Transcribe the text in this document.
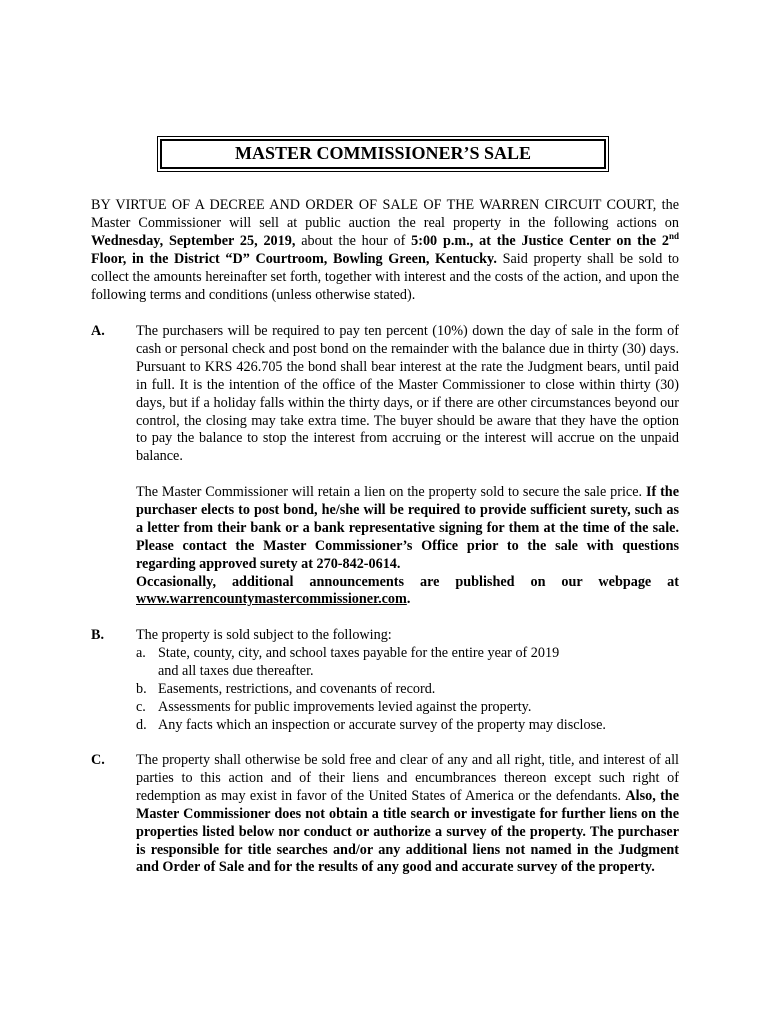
MASTER COMMISSIONER’S SALE
BY VIRTUE OF A DECREE AND ORDER OF SALE OF THE WARREN CIRCUIT COURT, the Master Commissioner will sell at public auction the real property in the following actions on Wednesday, September 25, 2019, about the hour of 5:00 p.m., at the Justice Center on the 2nd Floor, in the District “D” Courtroom, Bowling Green, Kentucky. Said property shall be sold to collect the amounts hereinafter set forth, together with interest and the costs of the action, and upon the following terms and conditions (unless otherwise stated).
A. The purchasers will be required to pay ten percent (10%) down the day of sale in the form of cash or personal check and post bond on the remainder with the balance due in thirty (30) days. Pursuant to KRS 426.705 the bond shall bear interest at the rate the Judgment bears, until paid in full. It is the intention of the office of the Master Commissioner to close within thirty (30) days, but if a holiday falls within the thirty days, or if there are other circumstances beyond our control, the closing may take extra time. The buyer should be aware that they have the option to pay the balance to stop the interest from accruing or the interest will accrue on the unpaid balance.

The Master Commissioner will retain a lien on the property sold to secure the sale price. If the purchaser elects to post bond, he/she will be required to provide sufficient surety, such as a letter from their bank or a bank representative signing for them at the time of the sale. Please contact the Master Commissioner’s Office prior to the sale with questions regarding approved surety at 270-842-0614.

Occasionally, additional announcements are published on our webpage at www.warrencountymastercommissioner.com.

B. The property is sold subject to the following:
a. State, county, city, and school taxes payable for the entire year of 2019
and all taxes due thereafter.
b. Easements, restrictions, and covenants of record.
c. Assessments for public improvements levied against the property.
d. Any facts which an inspection or accurate survey of the property may disclose.
C. The property shall otherwise be sold free and clear of any and all right, title, and interest of all parties to this action and of their liens and encumbrances thereon except such right of redemption as may exist in favor of the United States of America or the defendants. Also, the Master Commissioner does not obtain a title search or investigate for further liens on the properties listed below nor conduct or authorize a survey of the property. The purchaser is responsible for title searches and/or any additional liens not named in the Judgment and Order of Sale and for the results of any good and accurate survey of the property.
